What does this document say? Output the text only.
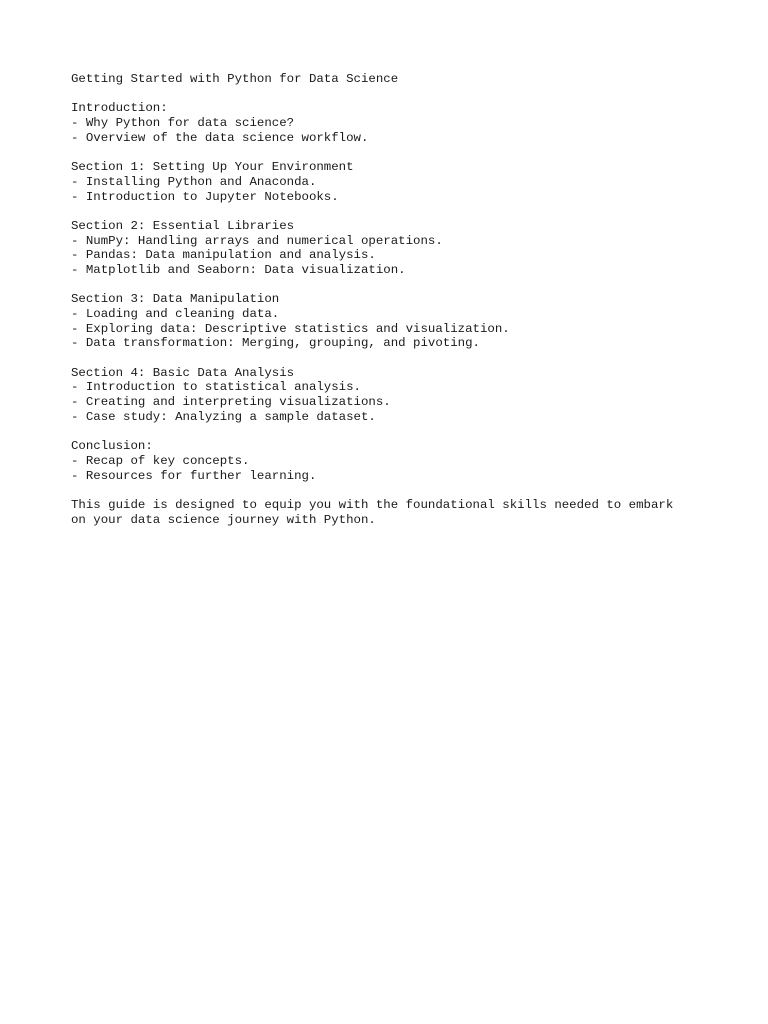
Getting Started with Python for Data Science
Introduction:
- Why Python for data science?
- Overview of the data science workflow.
Section 1: Setting Up Your Environment
- Installing Python and Anaconda.
- Introduction to Jupyter Notebooks.
Section 2: Essential Libraries
- NumPy: Handling arrays and numerical operations.
- Pandas: Data manipulation and analysis.
- Matplotlib and Seaborn: Data visualization.
Section 3: Data Manipulation
- Loading and cleaning data.
- Exploring data: Descriptive statistics and visualization.
- Data transformation: Merging, grouping, and pivoting.
Section 4: Basic Data Analysis
- Introduction to statistical analysis.
- Creating and interpreting visualizations.
- Case study: Analyzing a sample dataset.
Conclusion:
- Recap of key concepts.
- Resources for further learning.
This guide is designed to equip you with the foundational skills needed to embark
on your data science journey with Python.
